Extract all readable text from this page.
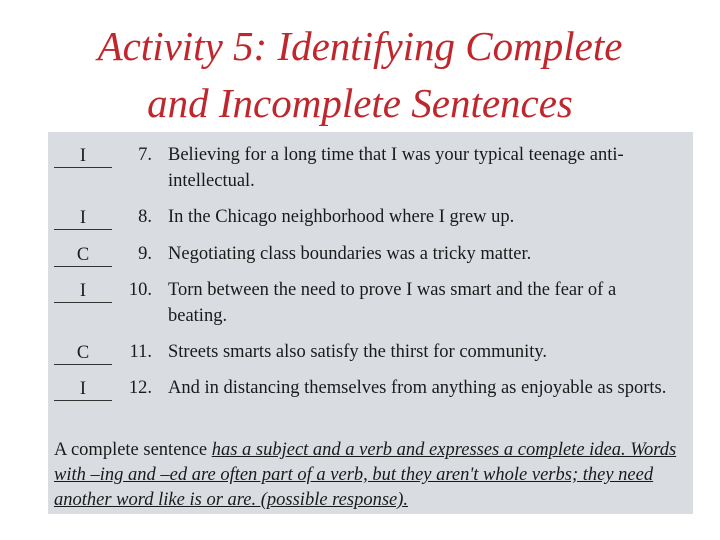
Activity 5: Identifying Complete
and Incomplete Sentences
I	7. Believing for a long time that I was your typical teenage anti-intellectual.
I	8. In the Chicago neighborhood where I grew up.
C	9. Negotiating class boundaries was a tricky matter.
I	10. Torn between the need to prove I was smart and the fear of a beating.
C	11. Streets smarts also satisfy the thirst for community.
I	12. And in distancing themselves from anything as enjoyable as sports.
A complete sentence has a subject and a verb and expresses a complete idea. Words with –ing and –ed are often part of a verb, but they aren't whole verbs; they need another word like is or are. (possible response).
